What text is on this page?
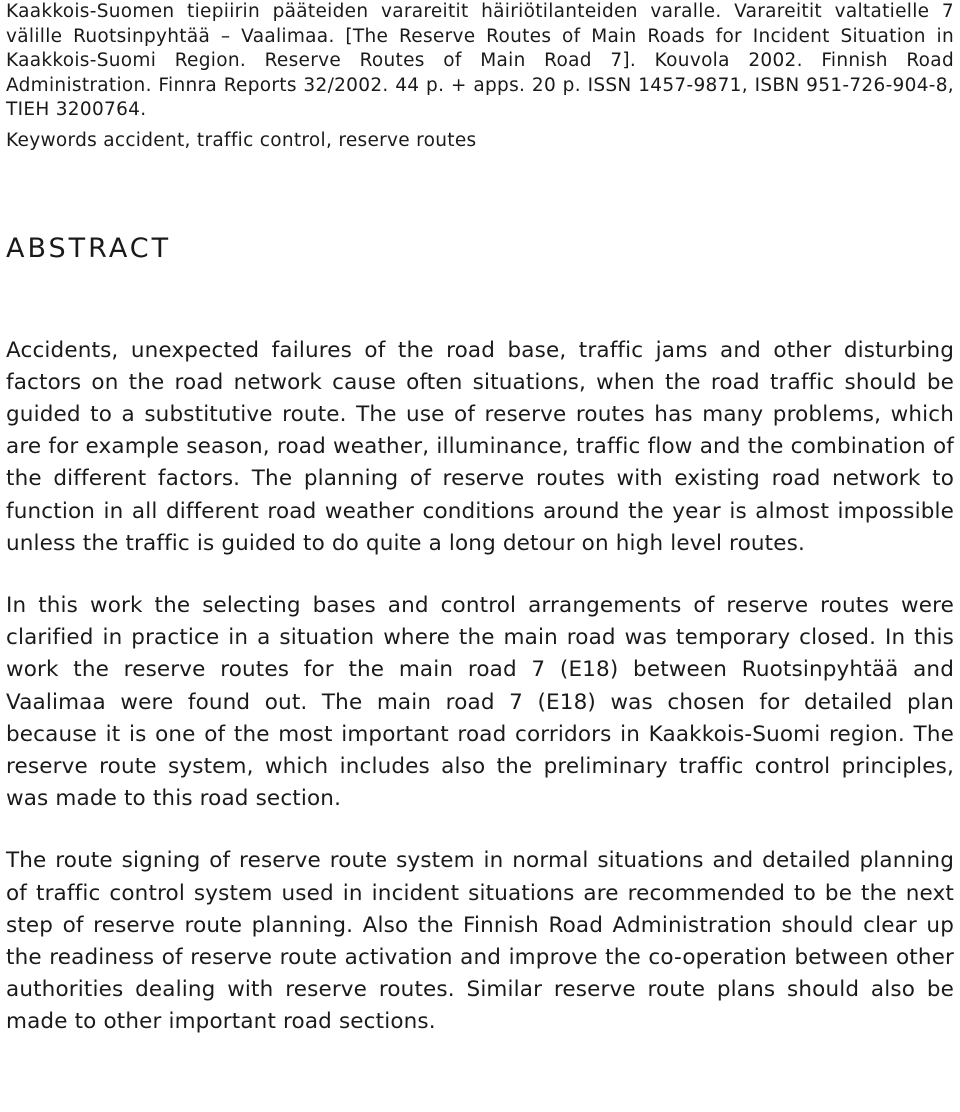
Kaakkois-Suomen tiepiirin pääteiden varareitit häiriötilanteiden varalle. Varareitit valtatielle 7 välille Ruotsinpyhtää – Vaalimaa. [The Reserve Routes of Main Roads for Incident Situation in Kaakkois-Suomi Region. Reserve Routes of Main Road 7]. Kouvola 2002. Finnish Road Administration. Finnra Reports 32/2002. 44 p. + apps. 20 p. ISSN 1457-9871, ISBN 951-726-904-8, TIEH 3200764.

Keywords accident, traffic control, reserve routes

ABSTRACT

Accidents, unexpected failures of the road base, traffic jams and other disturbing factors on the road network cause often situations, when the road traffic should be guided to a substitutive route. The use of reserve routes has many problems, which are for example season, road weather, illuminance, traffic flow and the combination of the different factors. The planning of reserve routes with existing road network to function in all different road weather conditions around the year is almost impossible unless the traffic is guided to do quite a long detour on high level routes.

In this work the selecting bases and control arrangements of reserve routes were clarified in practice in a situation where the main road was temporary closed. In this work the reserve routes for the main road 7 (E18) between Ruotsinpyhtää and Vaalimaa were found out. The main road 7 (E18) was chosen for detailed plan because it is one of the most important road corridors in Kaakkois-Suomi region. The reserve route system, which includes also the preliminary traffic control principles, was made to this road section.

The route signing of reserve route system in normal situations and detailed planning of traffic control system used in incident situations are recommended to be the next step of reserve route planning. Also the Finnish Road Administration should clear up the readiness of reserve route activation and improve the co-operation between other authorities dealing with reserve routes. Similar reserve route plans should also be made to other important road sections.
